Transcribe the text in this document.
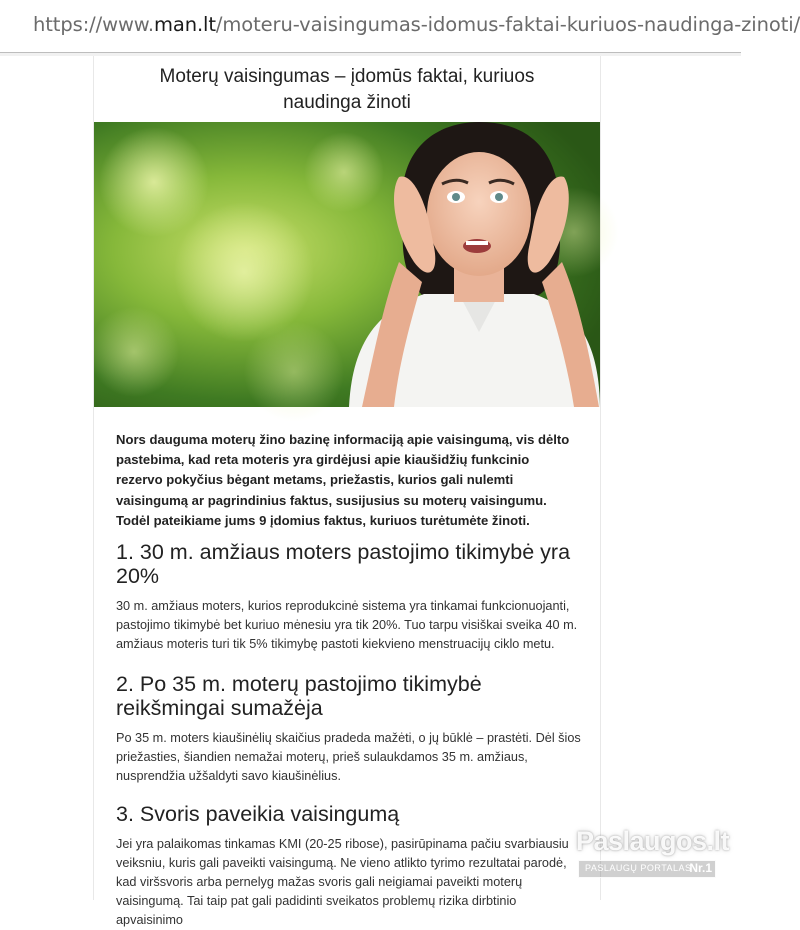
https://www.man.lt/moteru-vaisingumas-idomus-faktai-kuriuos-naudinga-zinoti/
Moterų vaisingumas – įdomūs faktai, kuriuos
naudinga žinoti

Nors dauguma moterų žino bazinę informaciją apie vaisingumą, vis dėlto pastebima, kad reta moteris yra girdėjusi apie kiaušidžių funkcinio rezervo pokyčius bėgant metams, priežastis, kurios gali nulemti vaisingumą ar pagrindinius faktus, susijusius su moterų vaisingumu. Todėl pateikiame jums 9 įdomius faktus, kuriuos turėtumėte žinoti.

1. 30 m. amžiaus moters pastojimo tikimybė yra 20%

30 m. amžiaus moters, kurios reprodukcinė sistema yra tinkamai funkcionuojanti, pastojimo tikimybė bet kuriuo mėnesiu yra tik 20%. Tuo tarpu visiškai sveika 40 m. amžiaus moteris turi tik 5% tikimybę pastoti kiekvieno menstruacijų ciklo metu.

2. Po 35 m. moterų pastojimo tikimybė reikšmingai sumažėja

Po 35 m. moters kiaušinėlių skaičius pradeda mažėti, o jų būklė – prastėti. Dėl šios priežasties, šiandien nemažai moterų, prieš sulaukdamos 35 m. amžiaus, nusprendžia užšaldyti savo kiaušinėlius.

3. Svoris paveikia vaisingumą

Jei yra palaikomas tinkamas KMI (20-25 ribose), pasirūpinama pačiu svarbiausiu veiksniu, kuris gali paveikti vaisingumą. Ne vieno atlikto tyrimo rezultatai parodė, kad viršsvoris arba pernelyg mažas svoris gali neigiamai paveikti moterų vaisingumą. Tai taip pat gali padidinti sveikatos problemų rizika dirbtinio apvaisinimo

Paslaugos.lt
PASLAUGŲ PORTALAS
Nr.1
